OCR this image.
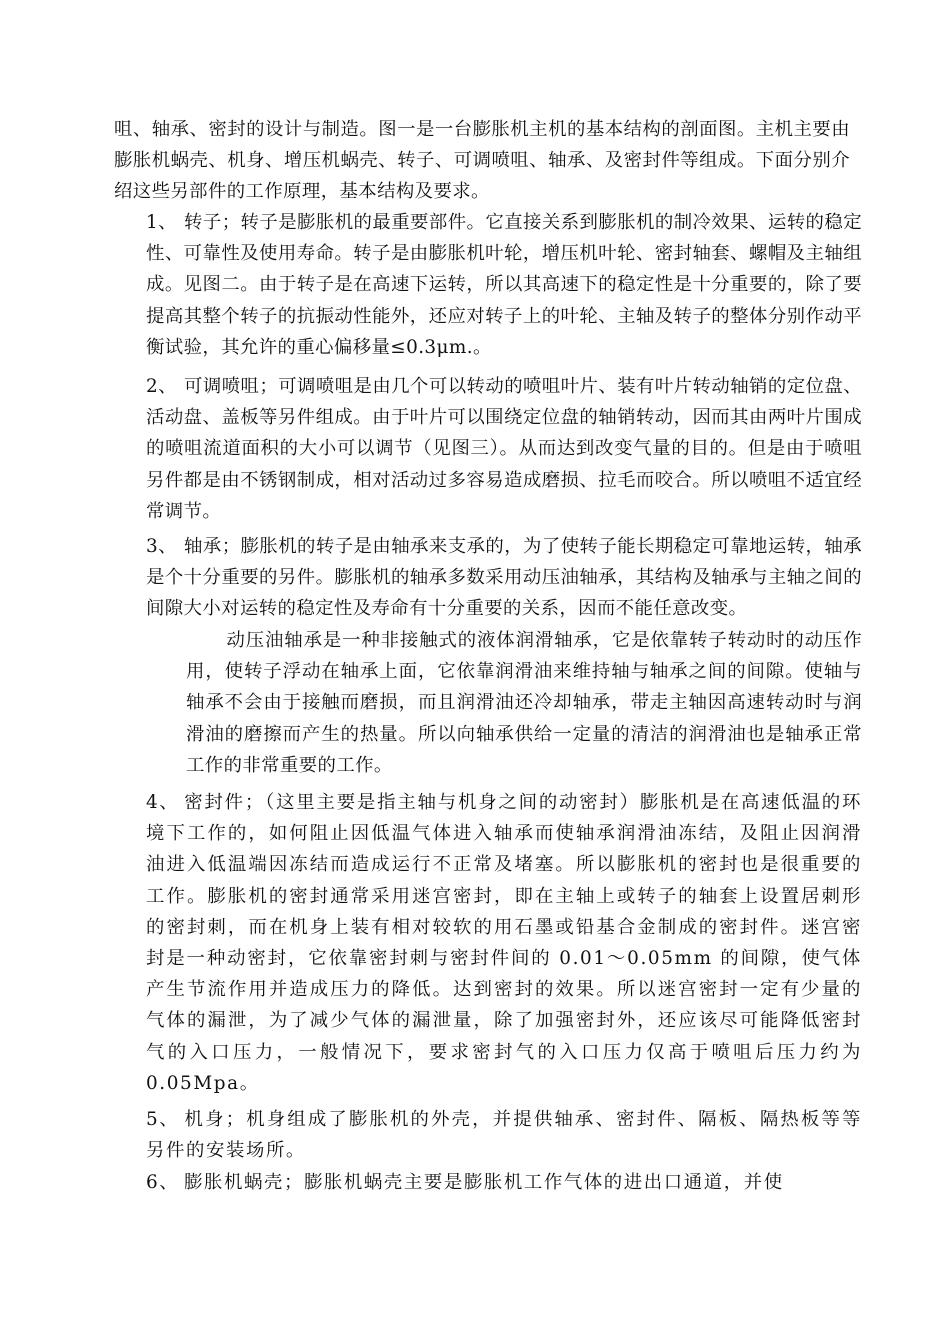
咀、轴承、密封的设计与制造。图一是一台膨胀机主机的基本结构的剖面图。主机主要由膨胀机蜗壳、机身、增压机蜗壳、转子、可调喷咀、轴承、及密封件等组成。下面分别介绍这些另部件的工作原理，基本结构及要求。

1、 转子；转子是膨胀机的最重要部件。它直接关系到膨胀机的制冷效果、运转的稳定性、可靠性及使用寿命。转子是由膨胀机叶轮，增压机叶轮、密封轴套、螺帽及主轴组成。见图二。由于转子是在高速下运转，所以其高速下的稳定性是十分重要的，除了要提高其整个转子的抗振动性能外，还应对转子上的叶轮、主轴及转子的整体分别作动平衡试验，其允许的重心偏移量≤0.3μm.。

2、 可调喷咀；可调喷咀是由几个可以转动的喷咀叶片、装有叶片转动轴销的定位盘、活动盘、盖板等另件组成。由于叶片可以围绕定位盘的轴销转动，因而其由两叶片围成的喷咀流道面积的大小可以调节（见图三）。从而达到改变气量的目的。但是由于喷咀另件都是由不锈钢制成，相对活动过多容易造成磨损、拉毛而咬合。所以喷咀不适宜经常调节。

3、 轴承；膨胀机的转子是由轴承来支承的，为了使转子能长期稳定可靠地运转，轴承是个十分重要的另件。膨胀机的轴承多数采用动压油轴承，其结构及轴承与主轴之间的间隙大小对运转的稳定性及寿命有十分重要的关系，因而不能任意改变。

动压油轴承是一种非接触式的液体润滑轴承，它是依靠转子转动时的动压作用，使转子浮动在轴承上面，它依靠润滑油来维持轴与轴承之间的间隙。使轴与轴承不会由于接触而磨损，而且润滑油还冷却轴承，带走主轴因高速转动时与润滑油的磨擦而产生的热量。所以向轴承供给一定量的清洁的润滑油也是轴承正常工作的非常重要的工作。

4、 密封件；（这里主要是指主轴与机身之间的动密封）膨胀机是在高速低温的环境下工作的，如何阻止因低温气体进入轴承而使轴承润滑油冻结，及阻止因润滑油进入低温端因冻结而造成运行不正常及堵塞。所以膨胀机的密封也是很重要的工作。膨胀机的密封通常采用迷宫密封，即在主轴上或转子的轴套上设置居刺形的密封刺，而在机身上装有相对较软的用石墨或铅基合金制成的密封件。迷宫密封是一种动密封，它依靠密封刺与密封件间的 0.01～0.05mm 的间隙，使气体产生节流作用并造成压力的降低。达到密封的效果。所以迷宫密封一定有少量的气体的漏泄，为了减少气体的漏泄量，除了加强密封外，还应该尽可能降低密封气的入口压力，一般情况下，要求密封气的入口压力仅高于喷咀后压力约为 0.05Mpa。

5、 机身；机身组成了膨胀机的外壳，并提供轴承、密封件、隔板、隔热板等等另件的安装场所。

6、 膨胀机蜗壳；膨胀机蜗壳主要是膨胀机工作气体的进出口通道，并使
